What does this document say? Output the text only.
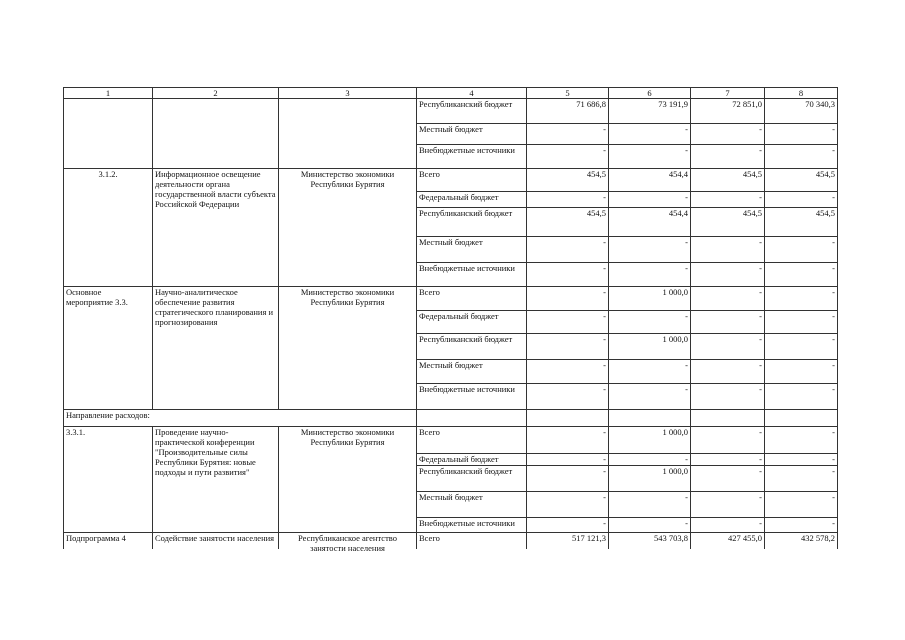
1	2	3	4	5	6	7	8
			Республиканский бюджет	71 686,8	73 191,9	72 851,0	70 340,3
			Местный бюджет	-	-	-	-
			Внебюджетные источники	-	-	-	-
3.1.2.	Информационное освещение деятельности органа государственной власти субъекта Российской Федерации	Министерство экономики Республики Бурятия	Всего	454,5	454,4	454,5	454,5
			Федеральный бюджет	-	-	-	-
			Республиканский бюджет	454,5	454,4	454,5	454,5
			Местный бюджет	-	-	-	-
			Внебюджетные источники	-	-	-	-
Основное мероприятие 3.3.	Научно-аналитическое обеспечение развития стратегического планирования и прогнозирования	Министерство экономики Республики Бурятия	Всего	-	1 000,0	-	-
			Федеральный бюджет	-	-	-	-
			Республиканский бюджет	-	1 000,0	-	-
			Местный бюджет	-	-	-	-
			Внебюджетные источники	-	-	-	-
Направление расходов:							
3.3.1.	Проведение научно-практической конференции "Производительные силы Республики Бурятия: новые подходы и пути развития"	Министерство экономики Республики Бурятия	Всего	-	1 000,0	-	-
			Федеральный бюджет	-	-	-	-
			Республиканский бюджет	-	1 000,0	-	-
			Местный бюджет	-	-	-	-

			Внебюджетные источники	-	-	-	-

Подпрограмма 4	Содействие занятости населения	Республиканское агентство занятости населения	Всего	517 121,3	543 703,8	427 455,0	432 578,2
